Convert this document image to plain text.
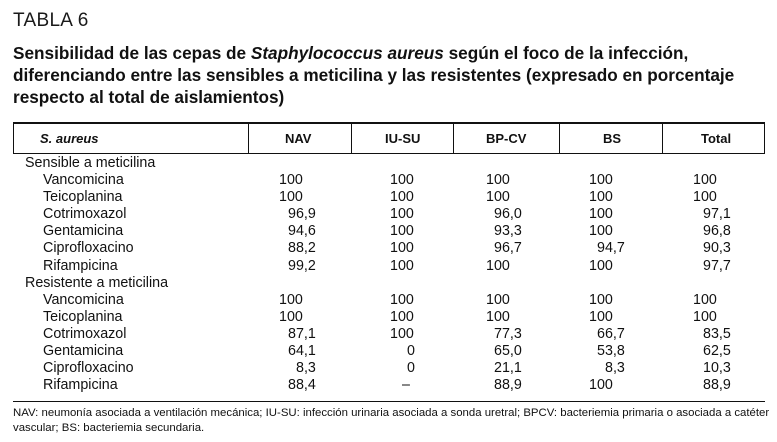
TABLA 6
Sensibilidad de las cepas de Staphylococcus aureus según el foco de la infección, diferenciando entre las sensibles a meticilina y las resistentes (expresado en porcentaje respecto al total de aislamientos)
S. aureus	NAV	IU-SU	BP-CV	BS	Total
Sensible a meticilina
Vancomicina	100	100	100	100	100
Teicoplanina	100	100	100	100	100
Cotrimoxazol	96,9	100	96,0	100	97,1
Gentamicina	94,6	100	93,3	100	96,8
Ciprofloxacino	88,2	100	96,7	94,7	90,3
Rifampicina	99,2	100	100	100	97,7
Resistente a meticilina
Vancomicina	100	100	100	100	100
Teicoplanina	100	100	100	100	100
Cotrimoxazol	87,1	100	77,3	66,7	83,5
Gentamicina	64,1	0	65,0	53,8	62,5
Ciprofloxacino	8,3	0	21,1	8,3	10,3
Rifampicina	88,4	–	88,9	100	88,9
NAV: neumonía asociada a ventilación mecánica; IU-SU: infección urinaria asociada a sonda uretral; BPCV: bacteriemia primaria o asociada a catéter vascular; BS: bacteriemia secundaria.
